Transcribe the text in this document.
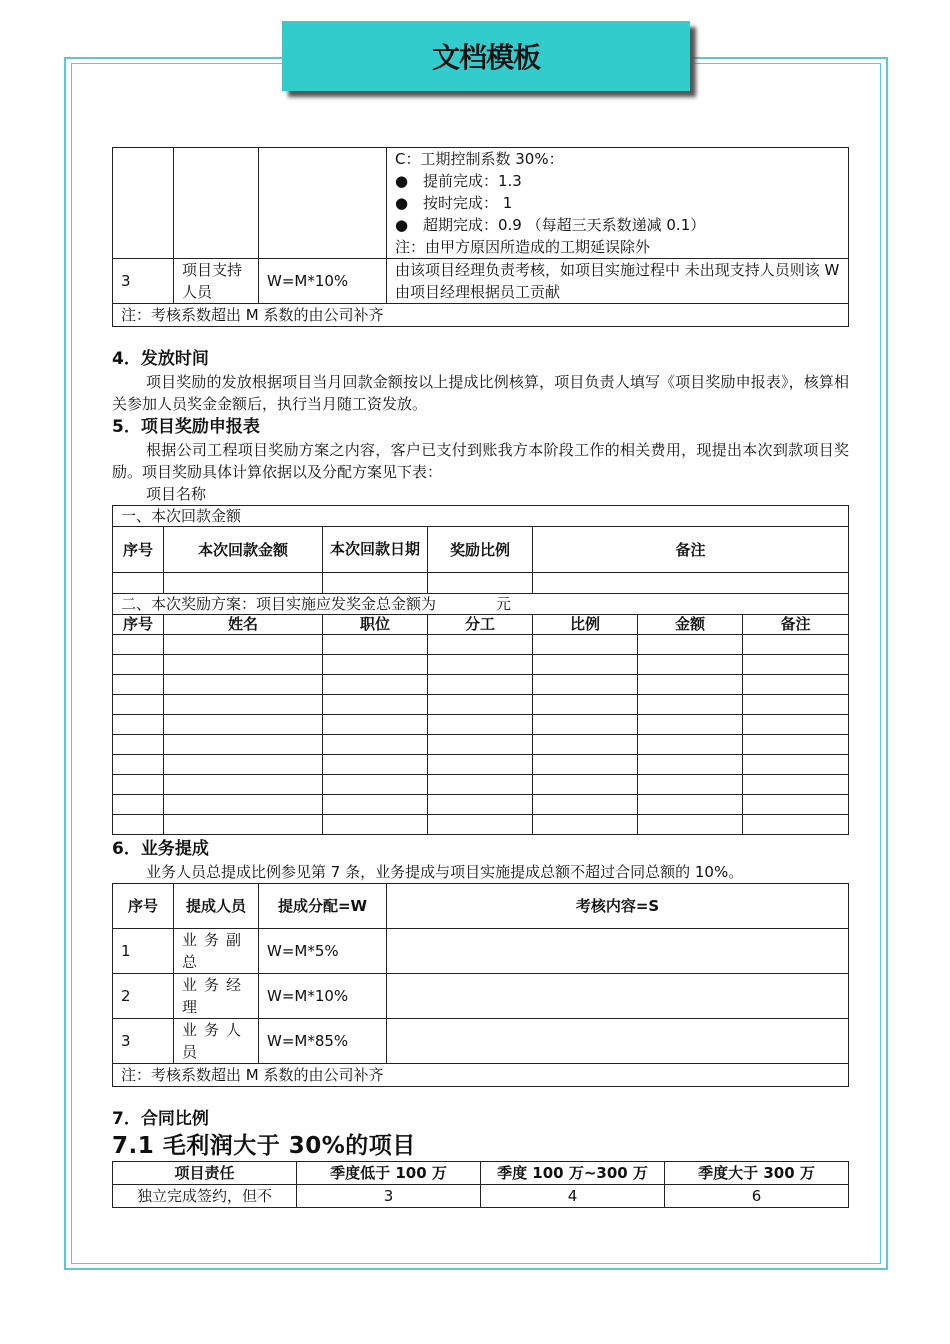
文档模板

			C：工期控制系数 30%：
● 提前完成：1.3
● 按时完成： 1
● 超期完成：0.9 （每超三天系数递减 0.1）
注：由甲方原因所造成的工期延误除外

3	项目支持人员	W=M*10%	由该项目经理负责考核，如项目实施过程中 未出现支持人员则该 W 由项目经理根据员工贡献
注：考核系数超出 M 系数的由公司补齐			

4．发放时间

项目奖励的发放根据项目当月回款金额按以上提成比例核算，项目负责人填写《项目奖励申报表》，核算相关参加人员奖金金额后，执行当月随工资发放。

5．项目奖励申报表

根据公司工程项目奖励方案之内容，客户已支付到账我方本阶段工作的相关费用，现提出本次到款项目奖励。项目奖励具体计算依据以及分配方案见下表：

项目名称

一、本次回款金额						
序号	本次回款金额	本次回款日期	奖励比例	备注		

二、本次奖励方案：项目实施应发奖金总金额为 元						
序号	姓名	职位	分工	比例	金额	备注

6．业务提成

业务人员总提成比例参见第 7 条，业务提成与项目实施提成总额不超过合同总额的 10%。

序号	提成人员	提成分配=W	考核内容=S
1	业务副总	W=M*5%	
2	业务经理	W=M*10%	
3	业务人员	W=M*85%	
注：考核系数超出 M 系数的由公司补齐			

7．合同比例

7.1 毛利润大于 30%的项目

项目责任	季度低于 100 万	季度 100 万~300 万	季度大于 300 万
独立完成签约，但不	3	4	6
